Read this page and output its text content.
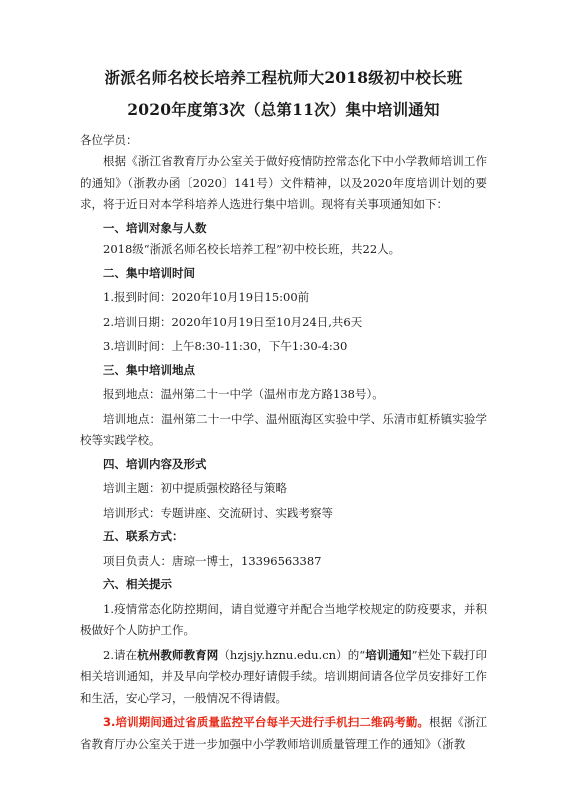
浙派名师名校长培养工程杭师大2018级初中校长班
2020年度第3次（总第11次）集中培训通知
各位学员：
根据《浙江省教育厅办公室关于做好疫情防控常态化下中小学教师培训工作的通知》（浙教办函〔2020〕141号）文件精神，以及2020年度培训计划的要求，将于近日对本学科培养人选进行集中培训。现将有关事项通知如下：
一、培训对象与人数
2018级“浙派名师名校长培养工程”初中校长班，共22人。
二、集中培训时间
1.报到时间：2020年10月19日15:00前
2.培训日期：2020年10月19日至10月24日,共6天
3.培训时间：上午8:30-11:30，下午1:30-4:30
三、集中培训地点
报到地点：温州第二十一中学（温州市龙方路138号）。
培训地点：温州第二十一中学、温州瓯海区实验中学、乐清市虹桥镇实验学校等实践学校。
四、培训内容及形式
培训主题：初中提质强校路径与策略
培训形式：专题讲座、交流研讨、实践考察等
五、联系方式：
项目负责人：唐琼一博士，13396563387
六、相关提示
1.疫情常态化防控期间，请自觉遵守并配合当地学校规定的防疫要求，并积极做好个人防护工作。
2.请在杭州教师教育网（hzjsjy.hznu.edu.cn）的“培训通知”栏处下载打印相关培训通知，并及早向学校办理好请假手续。培训期间请各位学员安排好工作和生活，安心学习，一般情况不得请假。
3.培训期间通过省质量监控平台每半天进行手机扫二维码考勤。根据《浙江省教育厅办公室关于进一步加强中小学教师培训质量管理工作的通知》（浙教
